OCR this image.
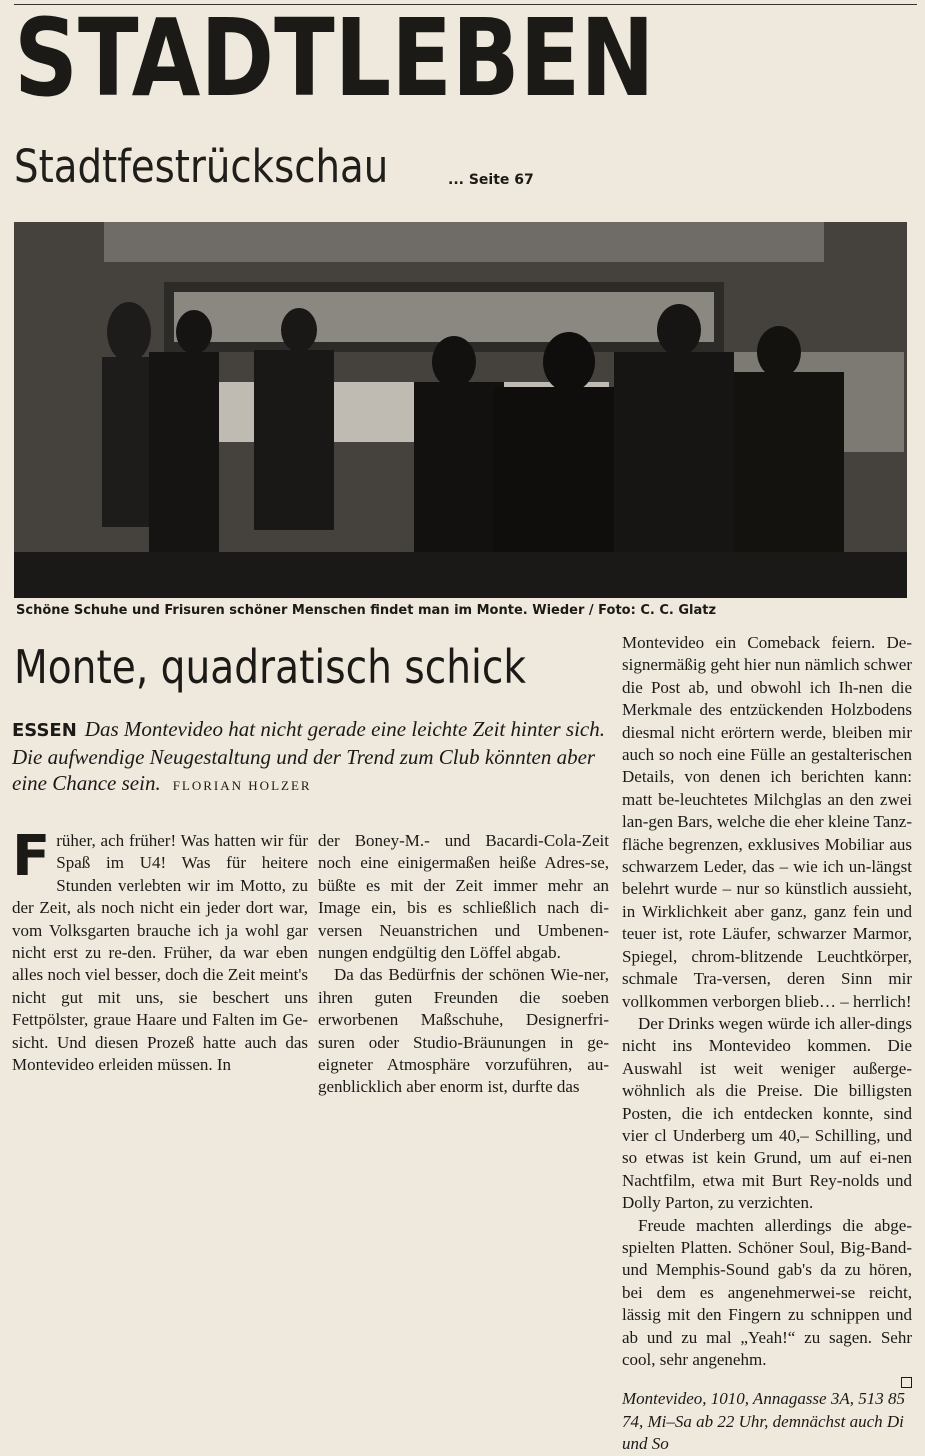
STADTLEBEN
Stadtfestrückschau	... Seite 67
Schöne Schuhe und Frisuren schöner Menschen findet man im Monte. Wieder / Foto: C. C. Glatz
Monte, quadratisch schick
ESSEN Das Montevideo hat nicht gerade eine leichte Zeit hinter sich. Die aufwendige Neugestaltung und der Trend zum Club könnten aber eine Chance sein. FLORIAN HOLZER

Früher, ach früher! Was hatten wir für Spaß im U4! Was für heitere Stunden verlebten wir im Motto, zu der Zeit, als noch nicht ein jeder dort war, vom Volksgarten brauche ich ja wohl gar nicht erst zu re-den. Früher, da war eben alles noch viel besser, doch die Zeit meint's nicht gut mit uns, sie beschert uns Fettpölster, graue Haare und Falten im Ge-sicht. Und diesen Prozeß hatte auch das Montevideo erleiden müssen. In

der Boney-M.- und Bacardi-Cola-Zeit noch eine einigermaßen heiße Adres-se, büßte es mit der Zeit immer mehr an Image ein, bis es schließlich nach di-versen Neuanstrichen und Umbenen-nungen endgültig den Löffel abgab.

Da das Bedürfnis der schönen Wie-ner, ihren guten Freunden die soeben erworbenen Maßschuhe, Designerfri-suren oder Studio-Bräunungen in ge-eigneter Atmosphäre vorzuführen, au-genblicklich aber enorm ist, durfte das

Montevideo ein Comeback feiern. De-signermäßig geht hier nun nämlich schwer die Post ab, und obwohl ich Ih-nen die Merkmale des entzückenden Holzbodens diesmal nicht erörtern werde, bleiben mir auch so noch eine Fülle an gestalterischen Details, von denen ich berichten kann: matt be-leuchtetes Milchglas an den zwei lan-gen Bars, welche die eher kleine Tanz-fläche begrenzen, exklusives Mobiliar aus schwarzem Leder, das – wie ich un-längst belehrt wurde – nur so künstlich aussieht, in Wirklichkeit aber ganz, ganz fein und teuer ist, rote Läufer, schwarzer Marmor, Spiegel, chrom-blitzende Leuchtkörper, schmale Tra-versen, deren Sinn mir vollkommen verborgen blieb… – herrlich!

Der Drinks wegen würde ich aller-dings nicht ins Montevideo kommen. Die Auswahl ist weit weniger außerge-wöhnlich als die Preise. Die billigsten Posten, die ich entdecken konnte, sind vier cl Underberg um 40,– Schilling, und so etwas ist kein Grund, um auf ei-nen Nachtfilm, etwa mit Burt Rey-nolds und Dolly Parton, zu verzichten.

Freude machten allerdings die abge-spielten Platten. Schöner Soul, Big-Band- und Memphis-Sound gab's da zu hören, bei dem es angenehmerwei-se reicht, lässig mit den Fingern zu schnippen und ab und zu mal „Yeah!“ zu sagen. Sehr cool, sehr angenehm.

Montevideo, 1010, Annagasse 3A, 513 85 74, Mi–Sa ab 22 Uhr, demnächst auch Di und So
